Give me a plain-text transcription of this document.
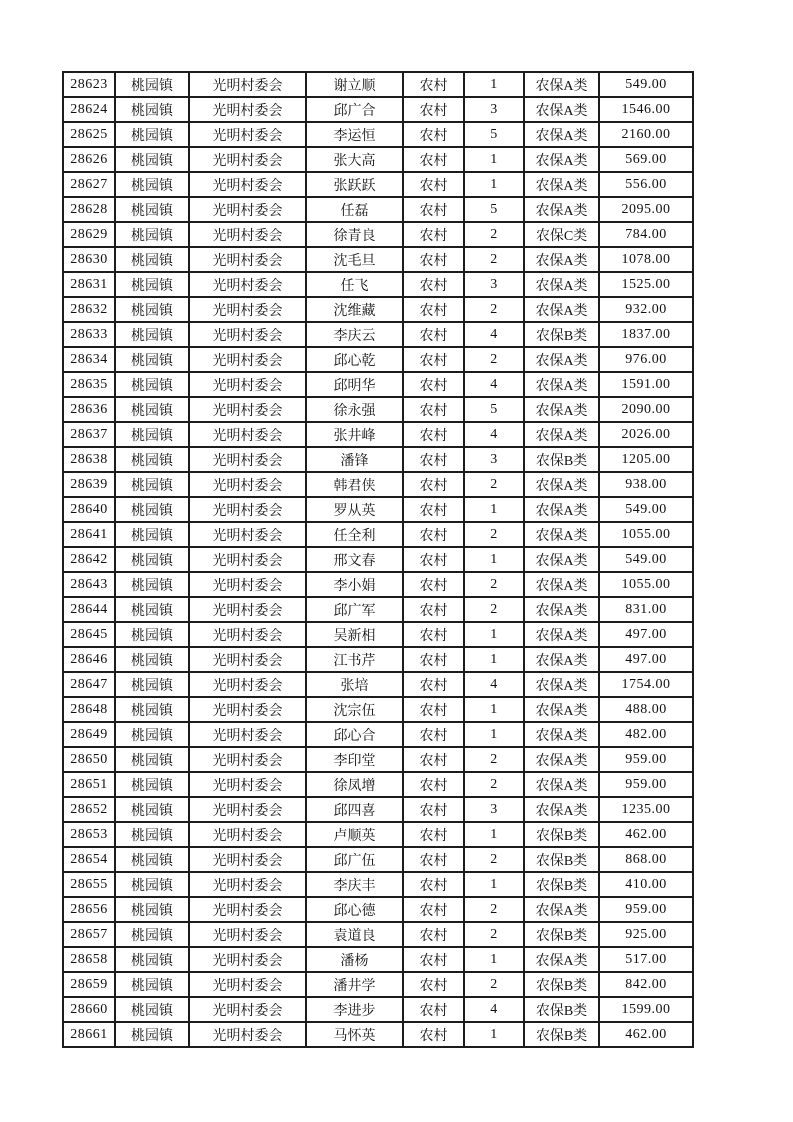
28623	桃园镇	光明村委会	谢立顺	农村	1	农保A类	549.00
28624	桃园镇	光明村委会	邱广合	农村	3	农保A类	1546.00
28625	桃园镇	光明村委会	李运恒	农村	5	农保A类	2160.00
28626	桃园镇	光明村委会	张大高	农村	1	农保A类	569.00
28627	桃园镇	光明村委会	张跃跃	农村	1	农保A类	556.00
28628	桃园镇	光明村委会	任磊	农村	5	农保A类	2095.00
28629	桃园镇	光明村委会	徐青良	农村	2	农保C类	784.00
28630	桃园镇	光明村委会	沈毛旦	农村	2	农保A类	1078.00
28631	桃园镇	光明村委会	任飞	农村	3	农保A类	1525.00
28632	桃园镇	光明村委会	沈维藏	农村	2	农保A类	932.00
28633	桃园镇	光明村委会	李庆云	农村	4	农保B类	1837.00
28634	桃园镇	光明村委会	邱心乾	农村	2	农保A类	976.00
28635	桃园镇	光明村委会	邱明华	农村	4	农保A类	1591.00
28636	桃园镇	光明村委会	徐永强	农村	5	农保A类	2090.00
28637	桃园镇	光明村委会	张井峰	农村	4	农保A类	2026.00
28638	桃园镇	光明村委会	潘锋	农村	3	农保B类	1205.00
28639	桃园镇	光明村委会	韩君侠	农村	2	农保A类	938.00
28640	桃园镇	光明村委会	罗从英	农村	1	农保A类	549.00
28641	桃园镇	光明村委会	任全利	农村	2	农保A类	1055.00
28642	桃园镇	光明村委会	邢文春	农村	1	农保A类	549.00
28643	桃园镇	光明村委会	李小娟	农村	2	农保A类	1055.00
28644	桃园镇	光明村委会	邱广军	农村	2	农保A类	831.00
28645	桃园镇	光明村委会	吴新相	农村	1	农保A类	497.00
28646	桃园镇	光明村委会	江书芹	农村	1	农保A类	497.00
28647	桃园镇	光明村委会	张培	农村	4	农保A类	1754.00
28648	桃园镇	光明村委会	沈宗伍	农村	1	农保A类	488.00
28649	桃园镇	光明村委会	邱心合	农村	1	农保A类	482.00
28650	桃园镇	光明村委会	李印堂	农村	2	农保A类	959.00
28651	桃园镇	光明村委会	徐凤增	农村	2	农保A类	959.00
28652	桃园镇	光明村委会	邱四喜	农村	3	农保A类	1235.00
28653	桃园镇	光明村委会	卢顺英	农村	1	农保B类	462.00
28654	桃园镇	光明村委会	邱广伍	农村	2	农保B类	868.00
28655	桃园镇	光明村委会	李庆丰	农村	1	农保B类	410.00
28656	桃园镇	光明村委会	邱心德	农村	2	农保A类	959.00
28657	桃园镇	光明村委会	袁道良	农村	2	农保B类	925.00
28658	桃园镇	光明村委会	潘杨	农村	1	农保A类	517.00
28659	桃园镇	光明村委会	潘井学	农村	2	农保B类	842.00
28660	桃园镇	光明村委会	李进步	农村	4	农保B类	1599.00
28661	桃园镇	光明村委会	马怀英	农村	1	农保B类	462.00
